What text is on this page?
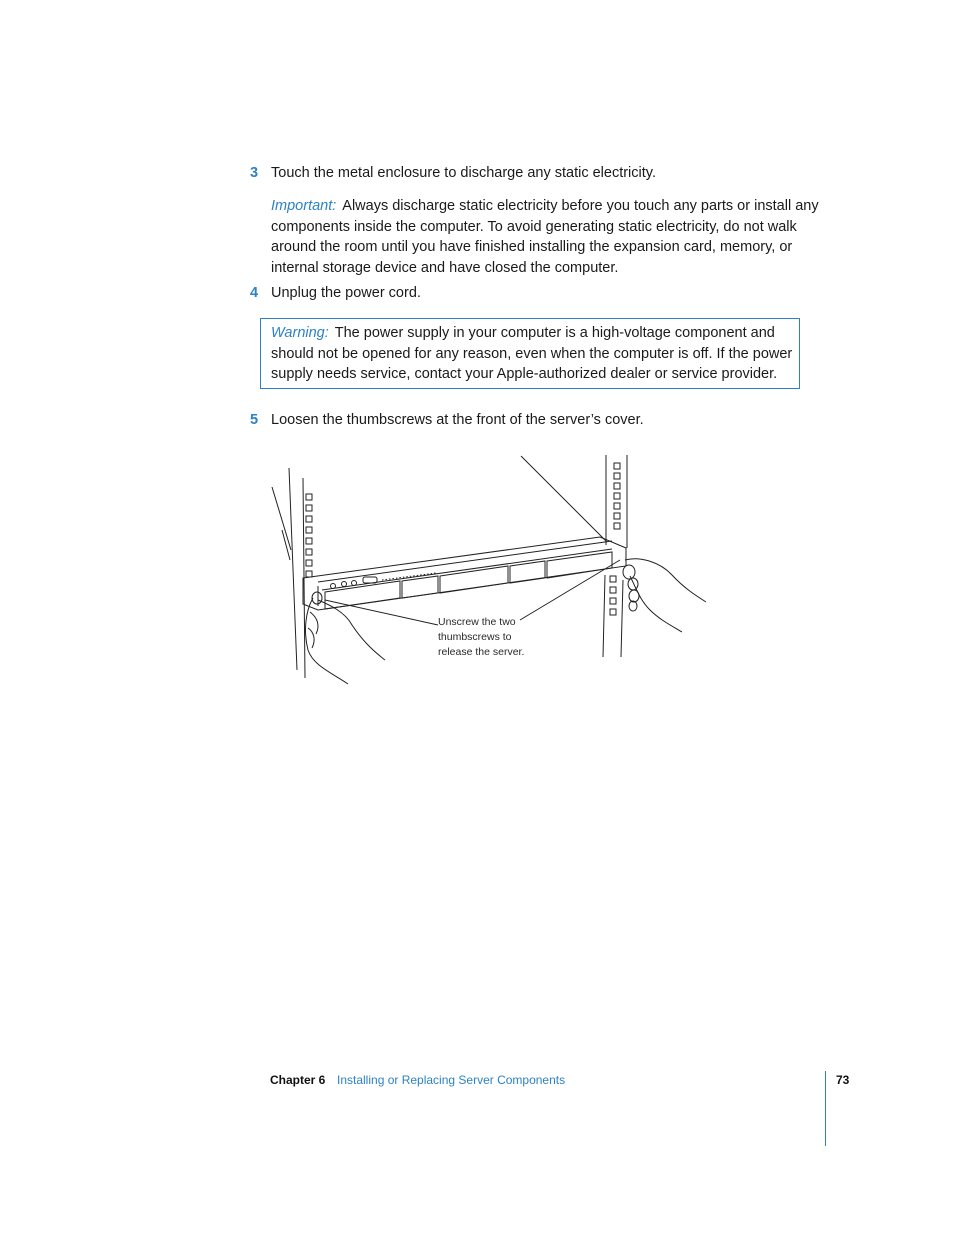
3 Touch the metal enclosure to discharge any static electricity.
Important: Always discharge static electricity before you touch any parts or install any components inside the computer. To avoid generating static electricity, do not walk around the room until you have finished installing the expansion card, memory, or internal storage device and have closed the computer.
4 Unplug the power cord.
Warning: The power supply in your computer is a high-voltage component and should not be opened for any reason, even when the computer is off. If the power supply needs service, contact your Apple-authorized dealer or service provider.
5 Loosen the thumbscrews at the front of the server’s cover.
Unscrew the two
thumbscrews to
release the server.
Chapter 6 Installing or Replacing Server Components	73
